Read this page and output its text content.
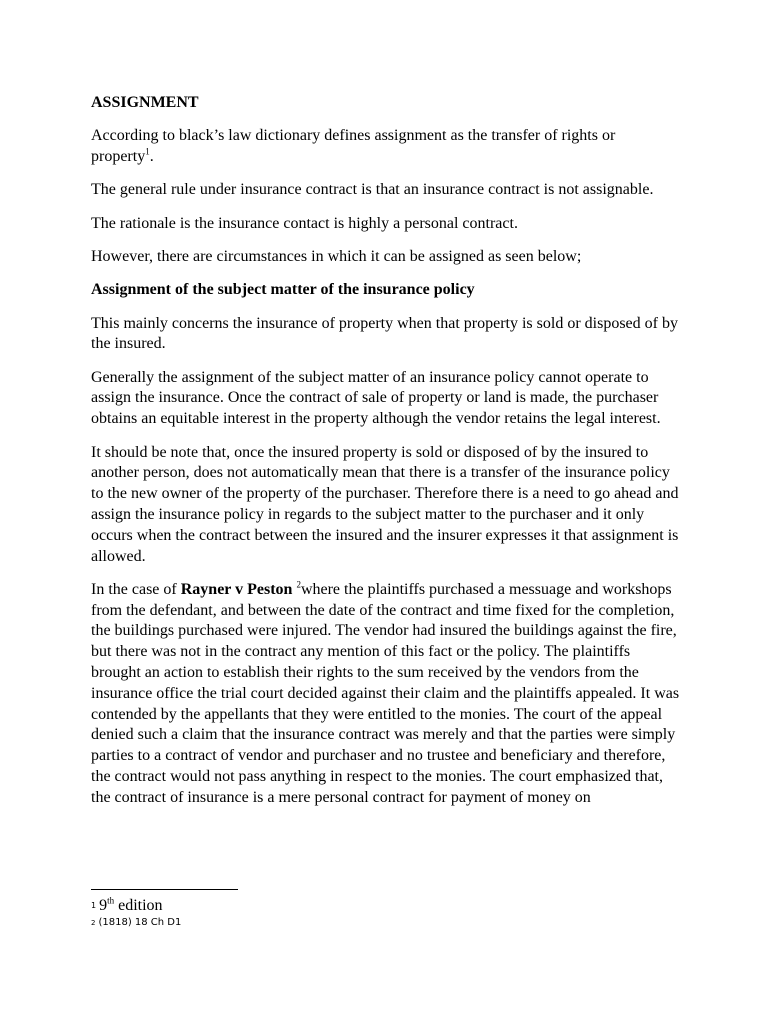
ASSIGNMENT

According to black’s law dictionary defines assignment as the transfer of rights or property$^1$.

The general rule under insurance contract is that an insurance contract is not assignable.

The rationale is the insurance contact is highly a personal contract.

However, there are circumstances in which it can be assigned as seen below;

Assignment of the subject matter of the insurance policy

This mainly concerns the insurance of property when that property is sold or disposed of by the insured.

Generally the assignment of the subject matter of an insurance policy cannot operate to assign the insurance. Once the contract of sale of property or land is made, the purchaser obtains an equitable interest in the property although the vendor retains the legal interest.

It should be note that, once the insured property is sold or disposed of by the insured to another person, does not automatically mean that there is a transfer of the insurance policy to the new owner of the property of the purchaser. Therefore there is a need to go ahead and assign the insurance policy in regards to the subject matter to the purchaser and it only occurs when the contract between the insured and the insurer expresses it that assignment is allowed.

In the case of Rayner v Peston $^2$where the plaintiffs purchased a messuage and workshops from the defendant, and between the date of the contract and time fixed for the completion, the buildings purchased were injured. The vendor had insured the buildings against the fire, but there was not in the contract any mention of this fact or the policy. The plaintiffs brought an action to establish their rights to the sum received by the vendors from the insurance office the trial court decided against their claim and the plaintiffs appealed. It was contended by the appellants that they were entitled to the monies. The court of the appeal denied such a claim that the insurance contract was merely and that the parties were simply parties to a contract of vendor and purchaser and no trustee and beneficiary and therefore, the contract would not pass anything in respect to the monies. The court emphasized that, the contract of insurance is a mere personal contract for payment of money on

$^1$ 9th edition
$^2$ (1818) 18 Ch D1
